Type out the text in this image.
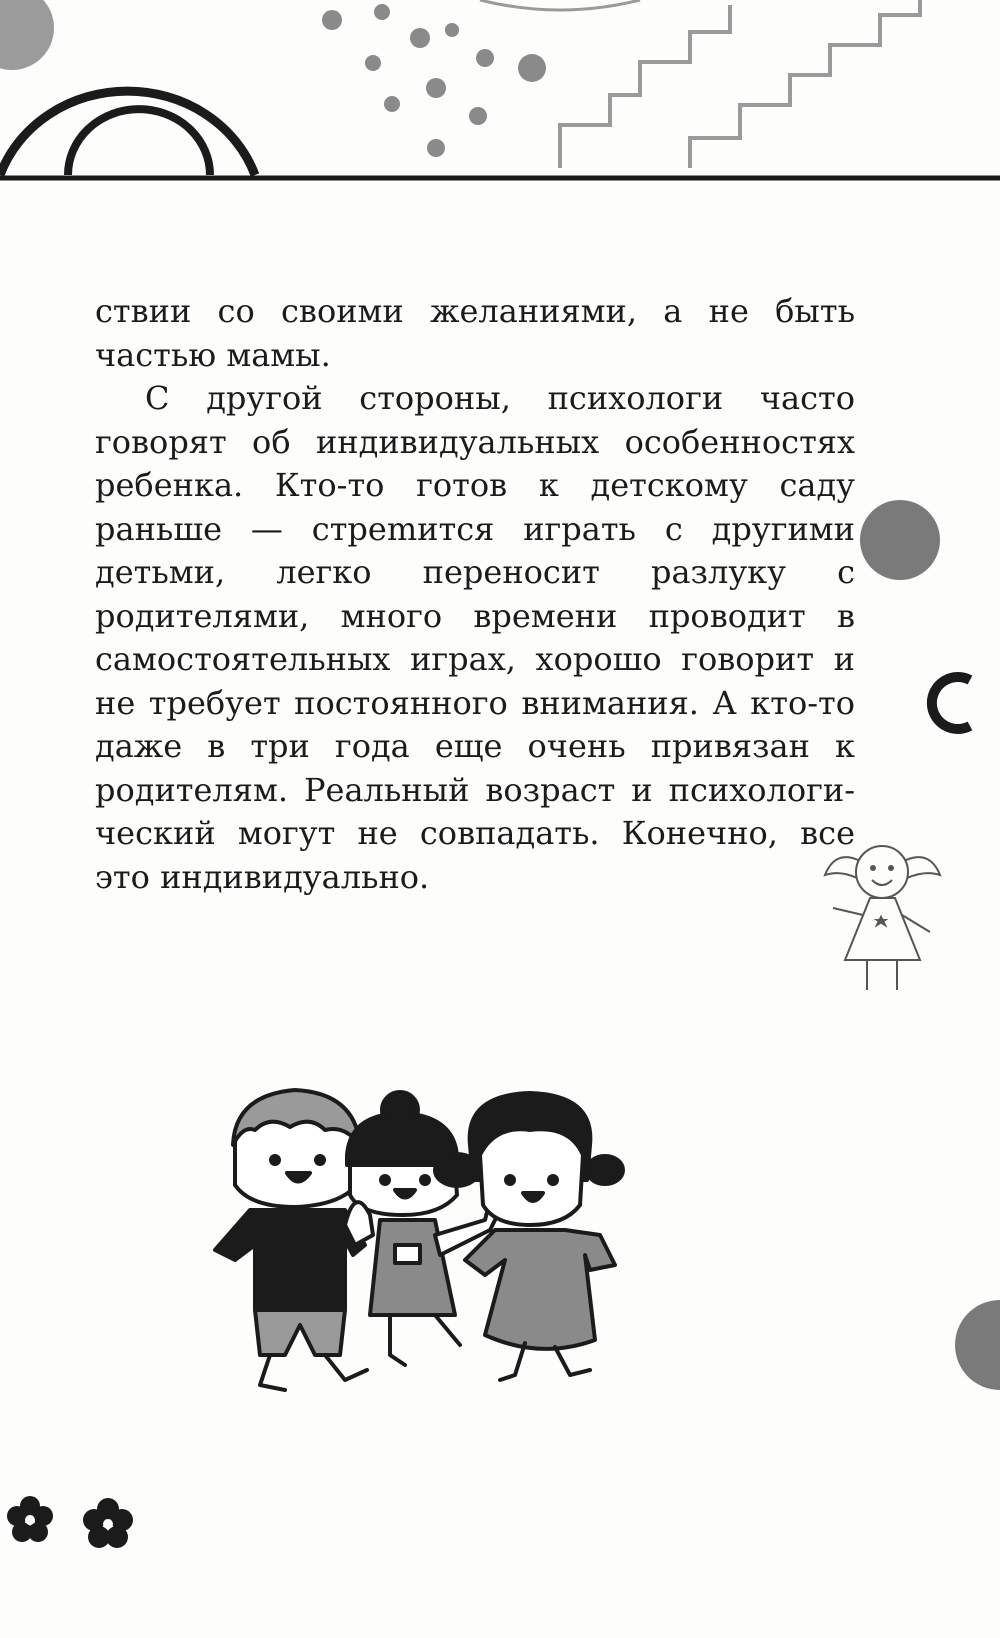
ствии со своими желаниями, а не быть частью мамы.

С другой стороны, психологи часто говорят об индивидуальных особенностях ребенка. Кто-то готов к детскому саду раньше — стреmится играть с другими детьми, легко переносит разлуку с родителями, много времени проводит в самостоятельных играх, хорошо говорит и не требует постоянного внимания. А кто-то даже в три года еще очень привязан к родителям. Реальный возраст и психологический могут не совпадать. Конечно, все это индивидуально.
